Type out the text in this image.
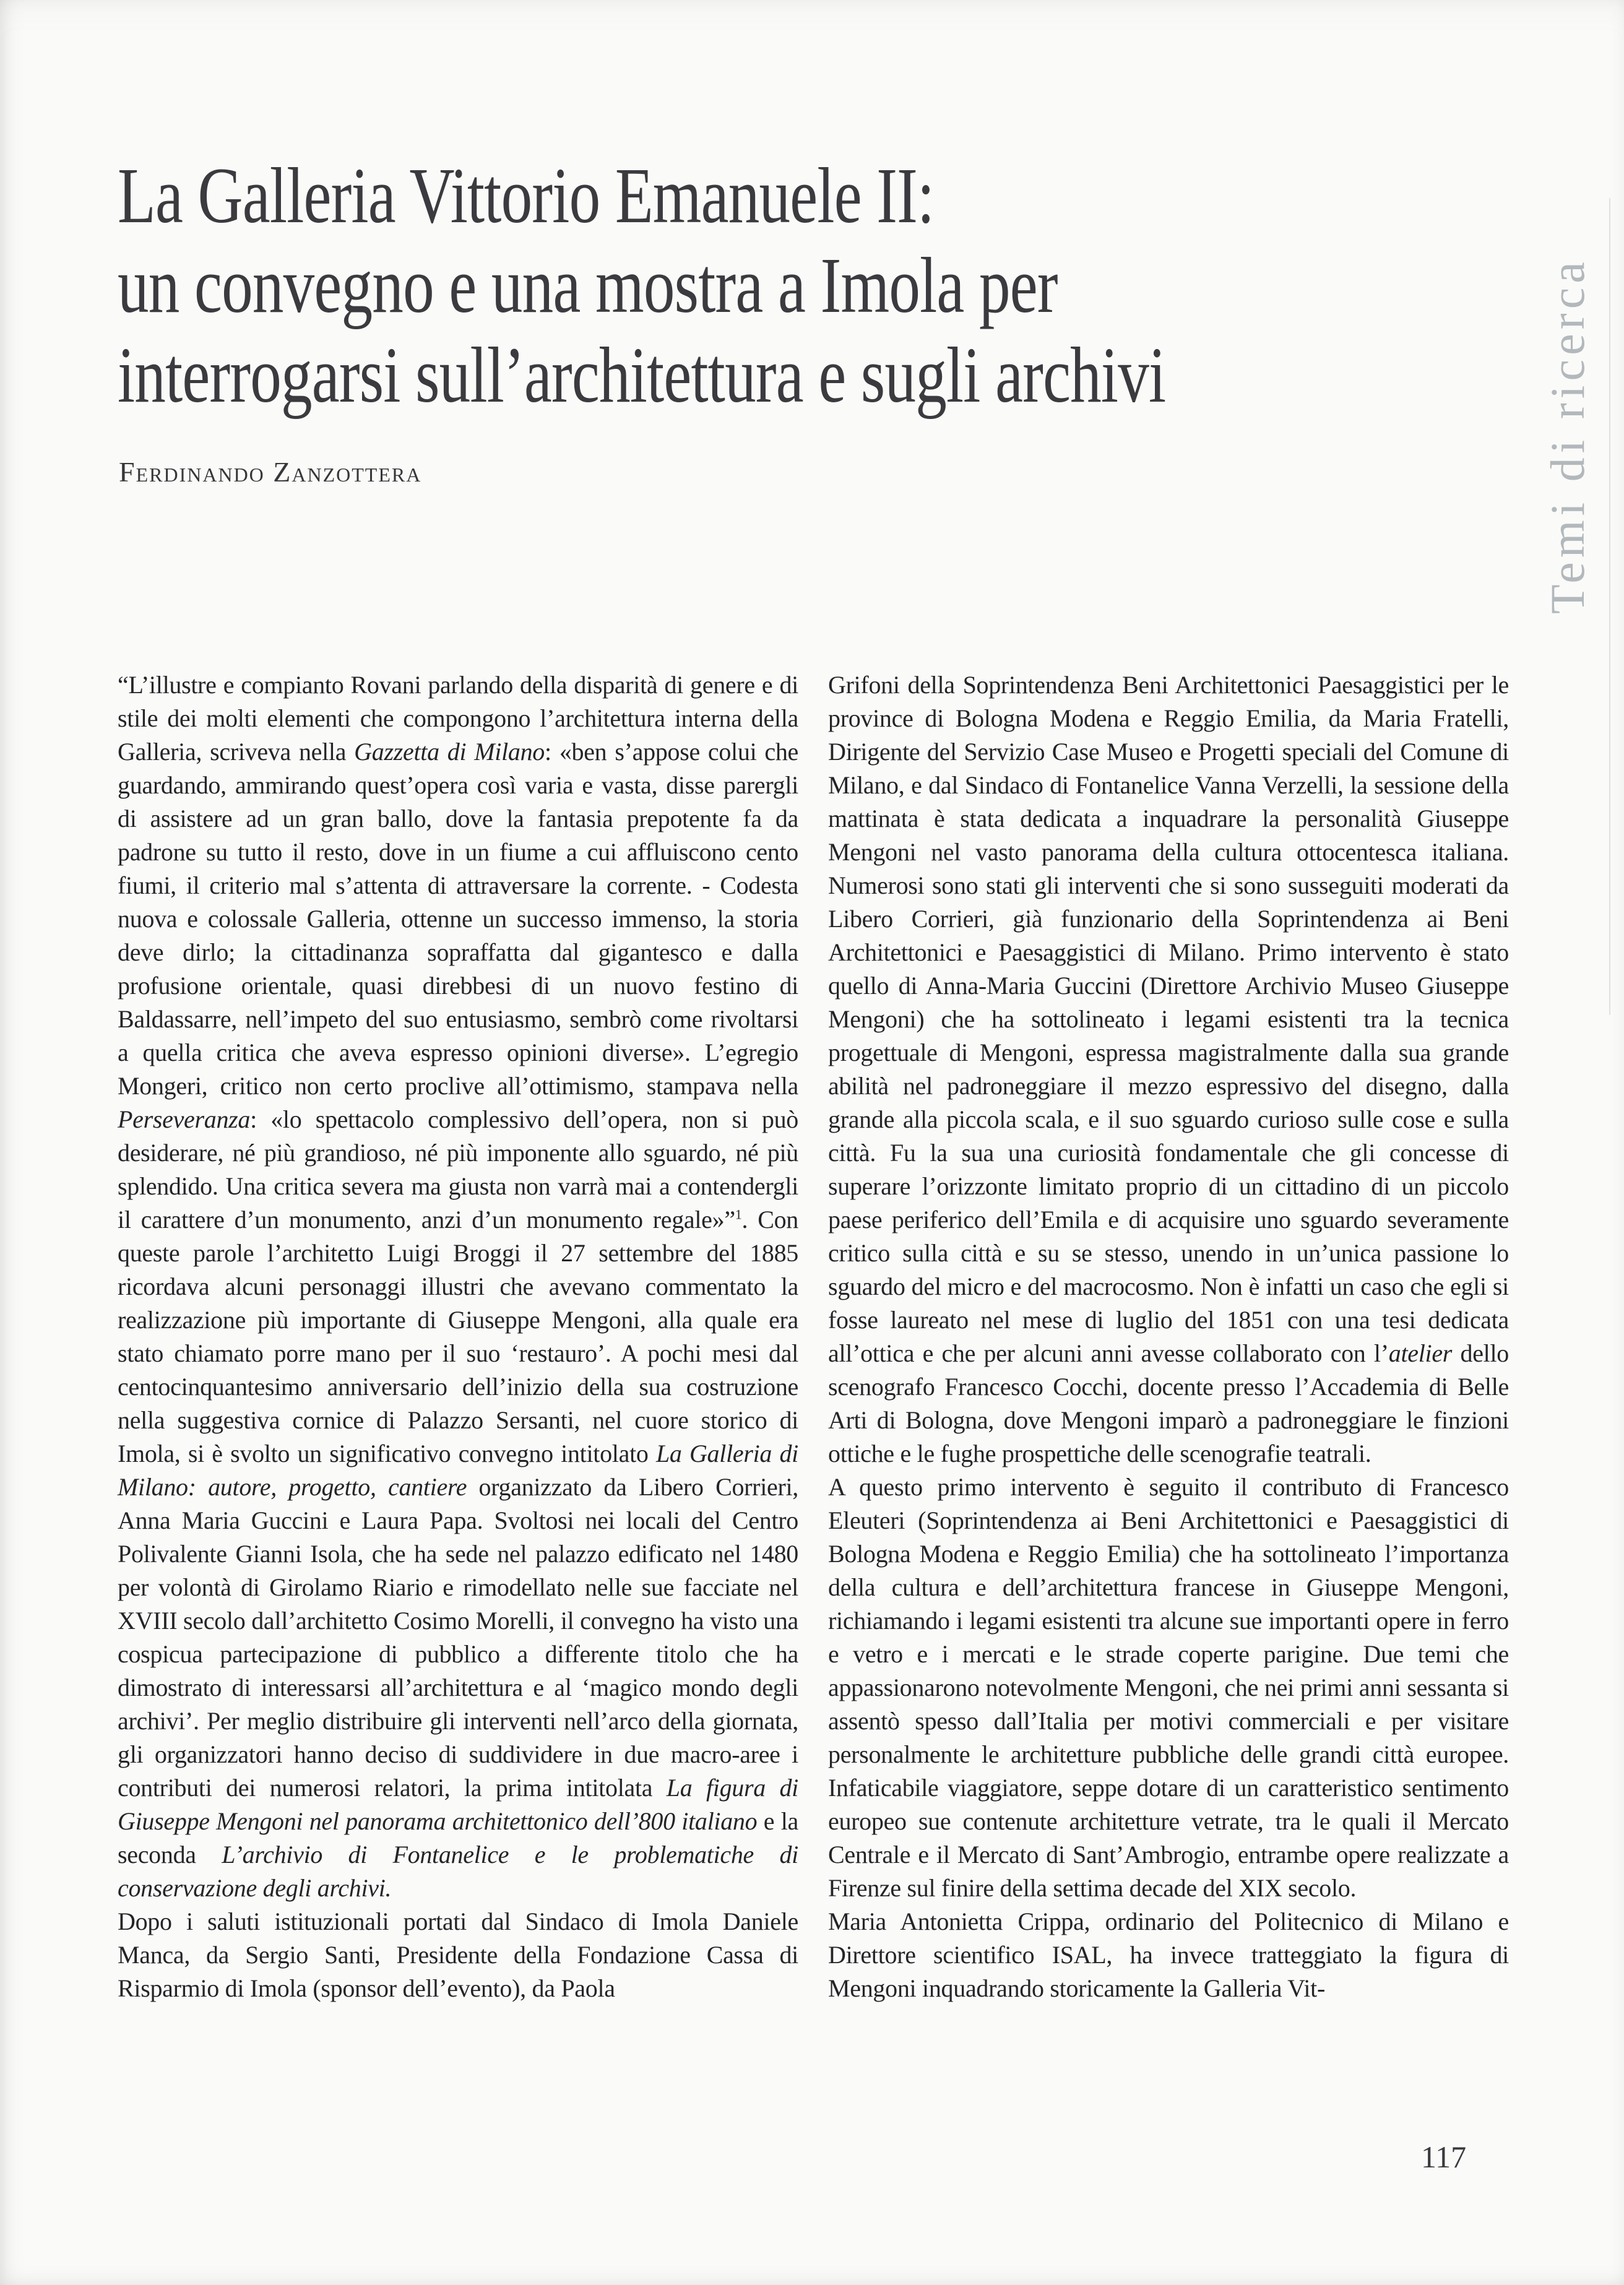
La Galleria Vittorio Emanuele II:
un convegno e una mostra a Imola per
interrogarsi sull’architettura e sugli archivi
Ferdinando Zanzottera	Temi di ricerca

“L’illustre e compianto Rovani parlando della disparità di genere e di stile dei molti elementi che compongono l’architettura interna della Galleria, scriveva nella Gazzetta di Milano: «ben s’appose colui che guardando, ammirando quest’opera così varia e vasta, disse parergli di assistere ad un gran ballo, dove la fantasia prepotente fa da padrone su tutto il resto, dove in un fiume a cui affluiscono cento fiumi, il criterio mal s’attenta di attraversare la corrente. - Codesta nuova e colossale Galleria, ottenne un successo immenso, la storia deve dirlo; la cittadinanza sopraffatta dal gigantesco e dalla profusione orientale, quasi direbbesi di un nuovo festino di Baldassarre, nell’impeto del suo entusiasmo, sembrò come rivoltarsi a quella critica che aveva espresso opinioni diverse». L’egregio Mongeri, critico non certo proclive all’ottimismo, stampava nella Perseveranza: «lo spettacolo complessivo dell’opera, non si può desiderare, né più grandioso, né più imponente allo sguardo, né più splendido. Una critica severa ma giusta non varrà mai a contendergli il carattere d’un monumento, anzi d’un monumento regale»”$^1$. Con queste parole l’architetto Luigi Broggi il 27 settembre del 1885 ricordava alcuni personaggi illustri che avevano commentato la realizzazione più importante di Giuseppe Mengoni, alla quale era stato chiamato porre mano per il suo ‘restauro’. A pochi mesi dal centocinquantesimo anniversario dell’inizio della sua costruzione nella suggestiva cornice di Palazzo Sersanti, nel cuore storico di Imola, si è svolto un significativo convegno intitolato La Galleria di Milano: autore, progetto, cantiere organizzato da Libero Corrieri, Anna Maria Guccini e Laura Papa. Svoltosi nei locali del Centro Polivalente Gianni Isola, che ha sede nel palazzo edificato nel 1480 per volontà di Girolamo Riario e rimodellato nelle sue facciate nel XVIII secolo dall’architetto Cosimo Morelli, il convegno ha visto una cospicua partecipazione di pubblico a differente titolo che ha dimostrato di interessarsi all’architettura e al ‘magico mondo degli archivi’. Per meglio distribuire gli interventi nell’arco della giornata, gli organizzatori hanno deciso di suddividere in due macro-aree i contributi dei numerosi relatori, la prima intitolata La figura di Giuseppe Mengoni nel panorama architettonico dell’800 italiano e la seconda L’archivio di Fontanelice e le problematiche di conservazione degli archivi.

Dopo i saluti istituzionali portati dal Sindaco di Imola Daniele Manca, da Sergio Santi, Presidente della Fondazione Cassa di Risparmio di Imola (sponsor dell’evento), da Paola

Grifoni della Soprintendenza Beni Architettonici Paesaggistici per le province di Bologna Modena e Reggio Emilia, da Maria Fratelli, Dirigente del Servizio Case Museo e Progetti speciali del Comune di Milano, e dal Sindaco di Fontanelice Vanna Verzelli, la sessione della mattinata è stata dedicata a inquadrare la personalità Giuseppe Mengoni nel vasto panorama della cultura ottocentesca italiana. Numerosi sono stati gli interventi che si sono susseguiti moderati da Libero Corrieri, già funzionario della Soprintendenza ai Beni Architettonici e Paesaggistici di Milano. Primo intervento è stato quello di Anna-Maria Guccini (Direttore Archivio Museo Giuseppe Mengoni) che ha sottolineato i legami esistenti tra la tecnica progettuale di Mengoni, espressa magistralmente dalla sua grande abilità nel padroneggiare il mezzo espressivo del disegno, dalla grande alla piccola scala, e il suo sguardo curioso sulle cose e sulla città. Fu la sua una curiosità fondamentale che gli concesse di superare l’orizzonte limitato proprio di un cittadino di un piccolo paese periferico dell’Emila e di acquisire uno sguardo severamente critico sulla città e su se stesso, unendo in un’unica passione lo sguardo del micro e del macrocosmo. Non è infatti un caso che egli si fosse laureato nel mese di luglio del 1851 con una tesi dedicata all’ottica e che per alcuni anni avesse collaborato con l’atelier dello scenografo Francesco Cocchi, docente presso l’Accademia di Belle Arti di Bologna, dove Mengoni imparò a padroneggiare le finzioni ottiche e le fughe prospettiche delle scenografie teatrali.

A questo primo intervento è seguito il contributo di Francesco Eleuteri (Soprintendenza ai Beni Architettonici e Paesaggistici di Bologna Modena e Reggio Emilia) che ha sottolineato l’importanza della cultura e dell’architettura francese in Giuseppe Mengoni, richiamando i legami esistenti tra alcune sue importanti opere in ferro e vetro e i mercati e le strade coperte parigine. Due temi che appassionarono notevolmente Mengoni, che nei primi anni sessanta si assentò spesso dall’Italia per motivi commerciali e per visitare personalmente le architetture pubbliche delle grandi città europee. Infaticabile viaggiatore, seppe dotare di un caratteristico sentimento europeo sue contenute architetture vetrate, tra le quali il Mercato Centrale e il Mercato di Sant’Ambrogio, entrambe opere realizzate a Firenze sul finire della settima decade del XIX secolo.

Maria Antonietta Crippa, ordinario del Politecnico di Milano e Direttore scientifico ISAL, ha invece tratteggiato la figura di Mengoni inquadrando storicamente la Galleria Vit-

117
